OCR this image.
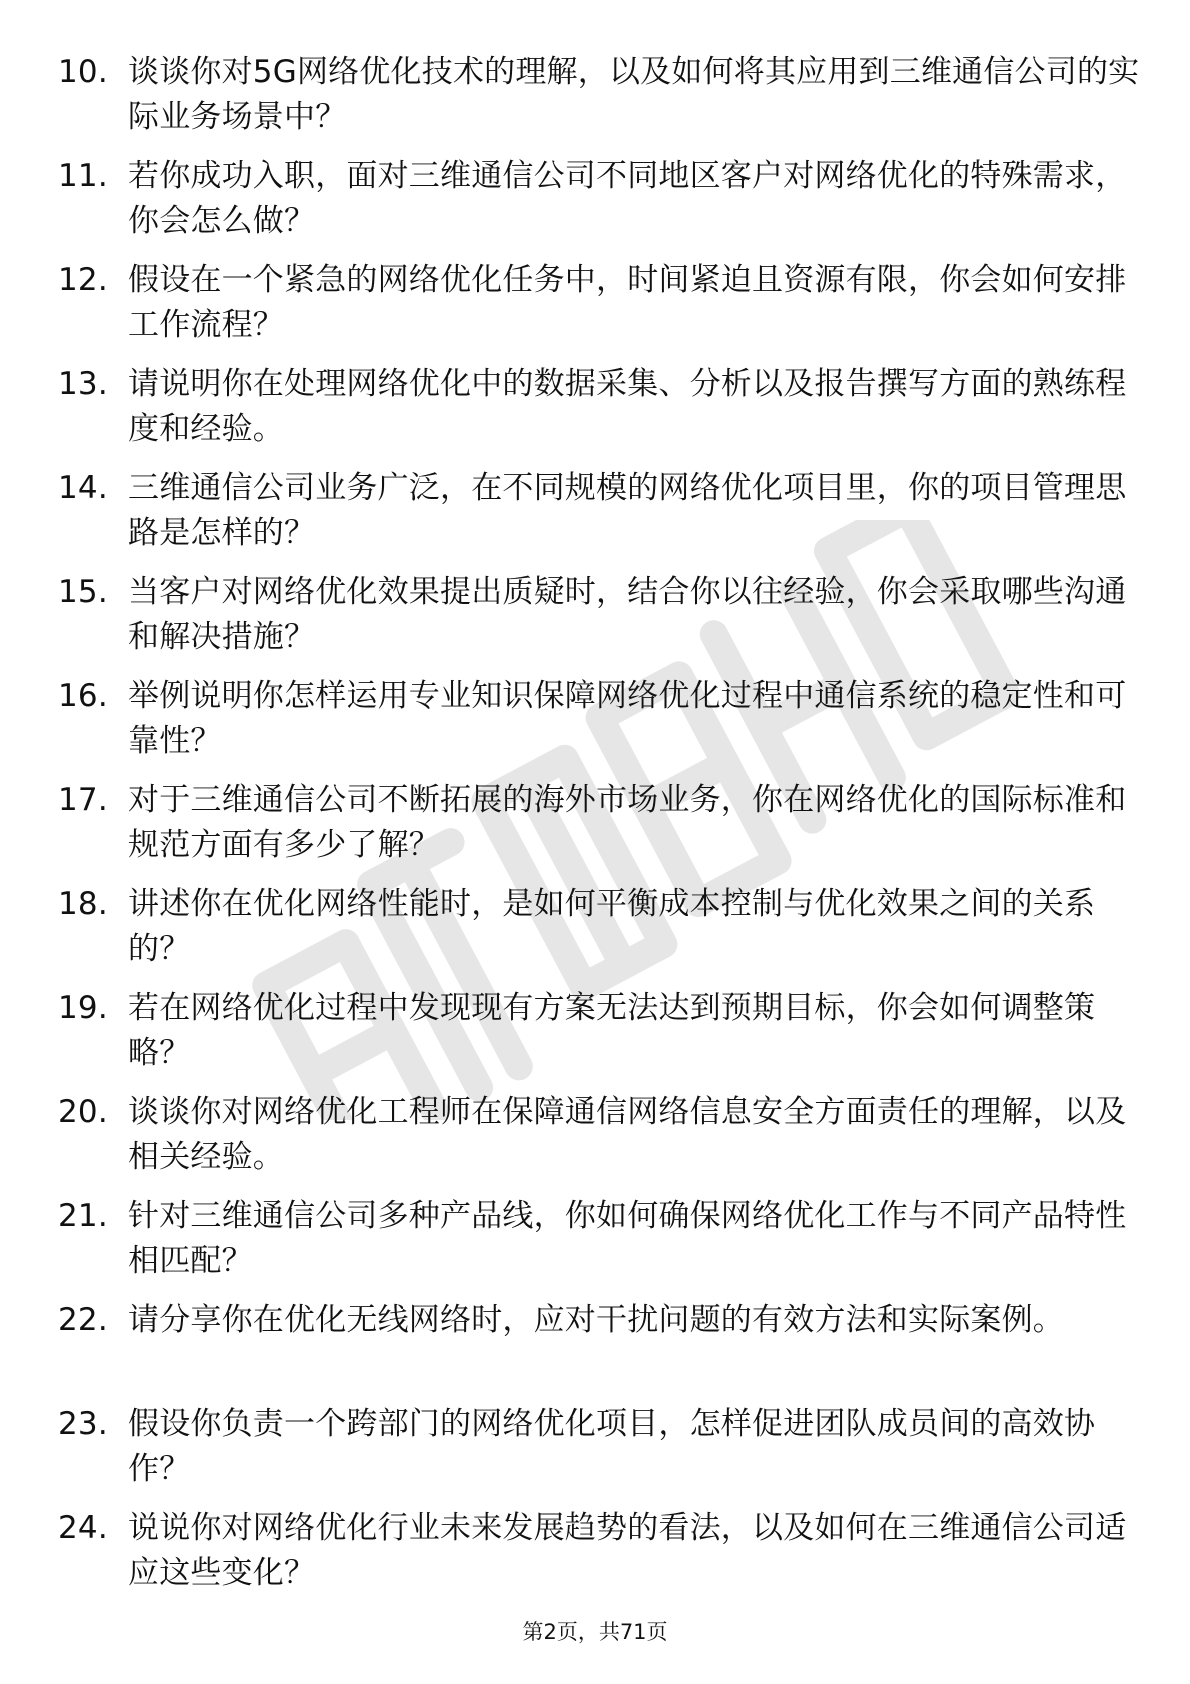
10. 谈谈你对5G网络优化技术的理解，以及如何将其应用到三维通信公司的实际业务场景中？
11. 若你成功入职，面对三维通信公司不同地区客户对网络优化的特殊需求，你会怎么做？
12. 假设在一个紧急的网络优化任务中，时间紧迫且资源有限，你会如何安排工作流程？
13. 请说明你在处理网络优化中的数据采集、分析以及报告撰写方面的熟练程度和经验。
14. 三维通信公司业务广泛，在不同规模的网络优化项目里，你的项目管理思路是怎样的？
15. 当客户对网络优化效果提出质疑时，结合你以往经验，你会采取哪些沟通和解决措施？
16. 举例说明你怎样运用专业知识保障网络优化过程中通信系统的稳定性和可靠性？
17. 对于三维通信公司不断拓展的海外市场业务，你在网络优化的国际标准和规范方面有多少了解？
18. 讲述你在优化网络性能时，是如何平衡成本控制与优化效果之间的关系的？
19. 若在网络优化过程中发现现有方案无法达到预期目标，你会如何调整策略？
20. 谈谈你对网络优化工程师在保障通信网络信息安全方面责任的理解，以及相关经验。
21. 针对三维通信公司多种产品线，你如何确保网络优化工作与不同产品特性相匹配？
22. 请分享你在优化无线网络时，应对干扰问题的有效方法和实际案例。
23. 假设你负责一个跨部门的网络优化项目，怎样促进团队成员间的高效协作？
24. 说说你对网络优化行业未来发展趋势的看法，以及如何在三维通信公司适应这些变化？
第2页，共71页
